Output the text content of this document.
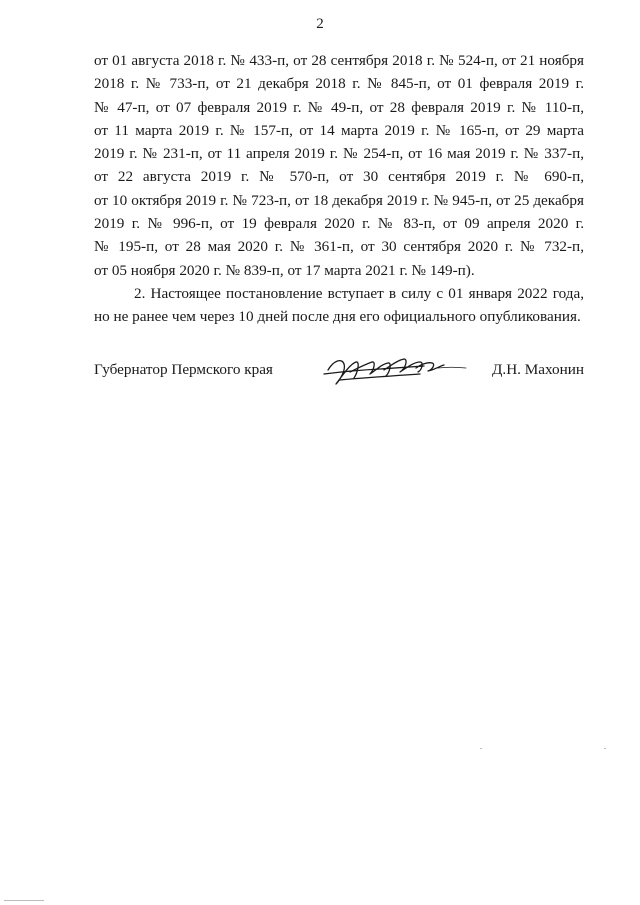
2
от 01 августа 2018 г. № 433-п, от 28 сентября 2018 г. № 524-п, от 21 ноября
2018 г. № 733-п, от 21 декабря 2018 г. № 845-п, от 01 февраля 2019 г.
№ 47-п, от 07 февраля 2019 г. № 49-п, от 28 февраля 2019 г. № 110-п,
от 11 марта 2019 г. № 157-п, от 14 марта 2019 г. № 165-п, от 29 марта
2019 г. № 231-п, от 11 апреля 2019 г. № 254-п, от 16 мая 2019 г. № 337-п,
от 22 августа 2019 г. № 570-п, от 30 сентября 2019 г. № 690-п,
от 10 октября 2019 г. № 723-п, от 18 декабря 2019 г. № 945-п, от 25 декабря
2019 г. № 996-п, от 19 февраля 2020 г. № 83-п, от 09 апреля 2020 г.
№ 195-п, от 28 мая 2020 г. № 361-п, от 30 сентября 2020 г. № 732-п,
от 05 ноября 2020 г. № 839-п, от 17 марта 2021 г. № 149-п).
2. Настоящее постановление вступает в силу с 01 января 2022 года,
но не ранее чем через 10 дней после дня его официального опубликования.
Губернатор Пермского края	Д.Н. Махонин
